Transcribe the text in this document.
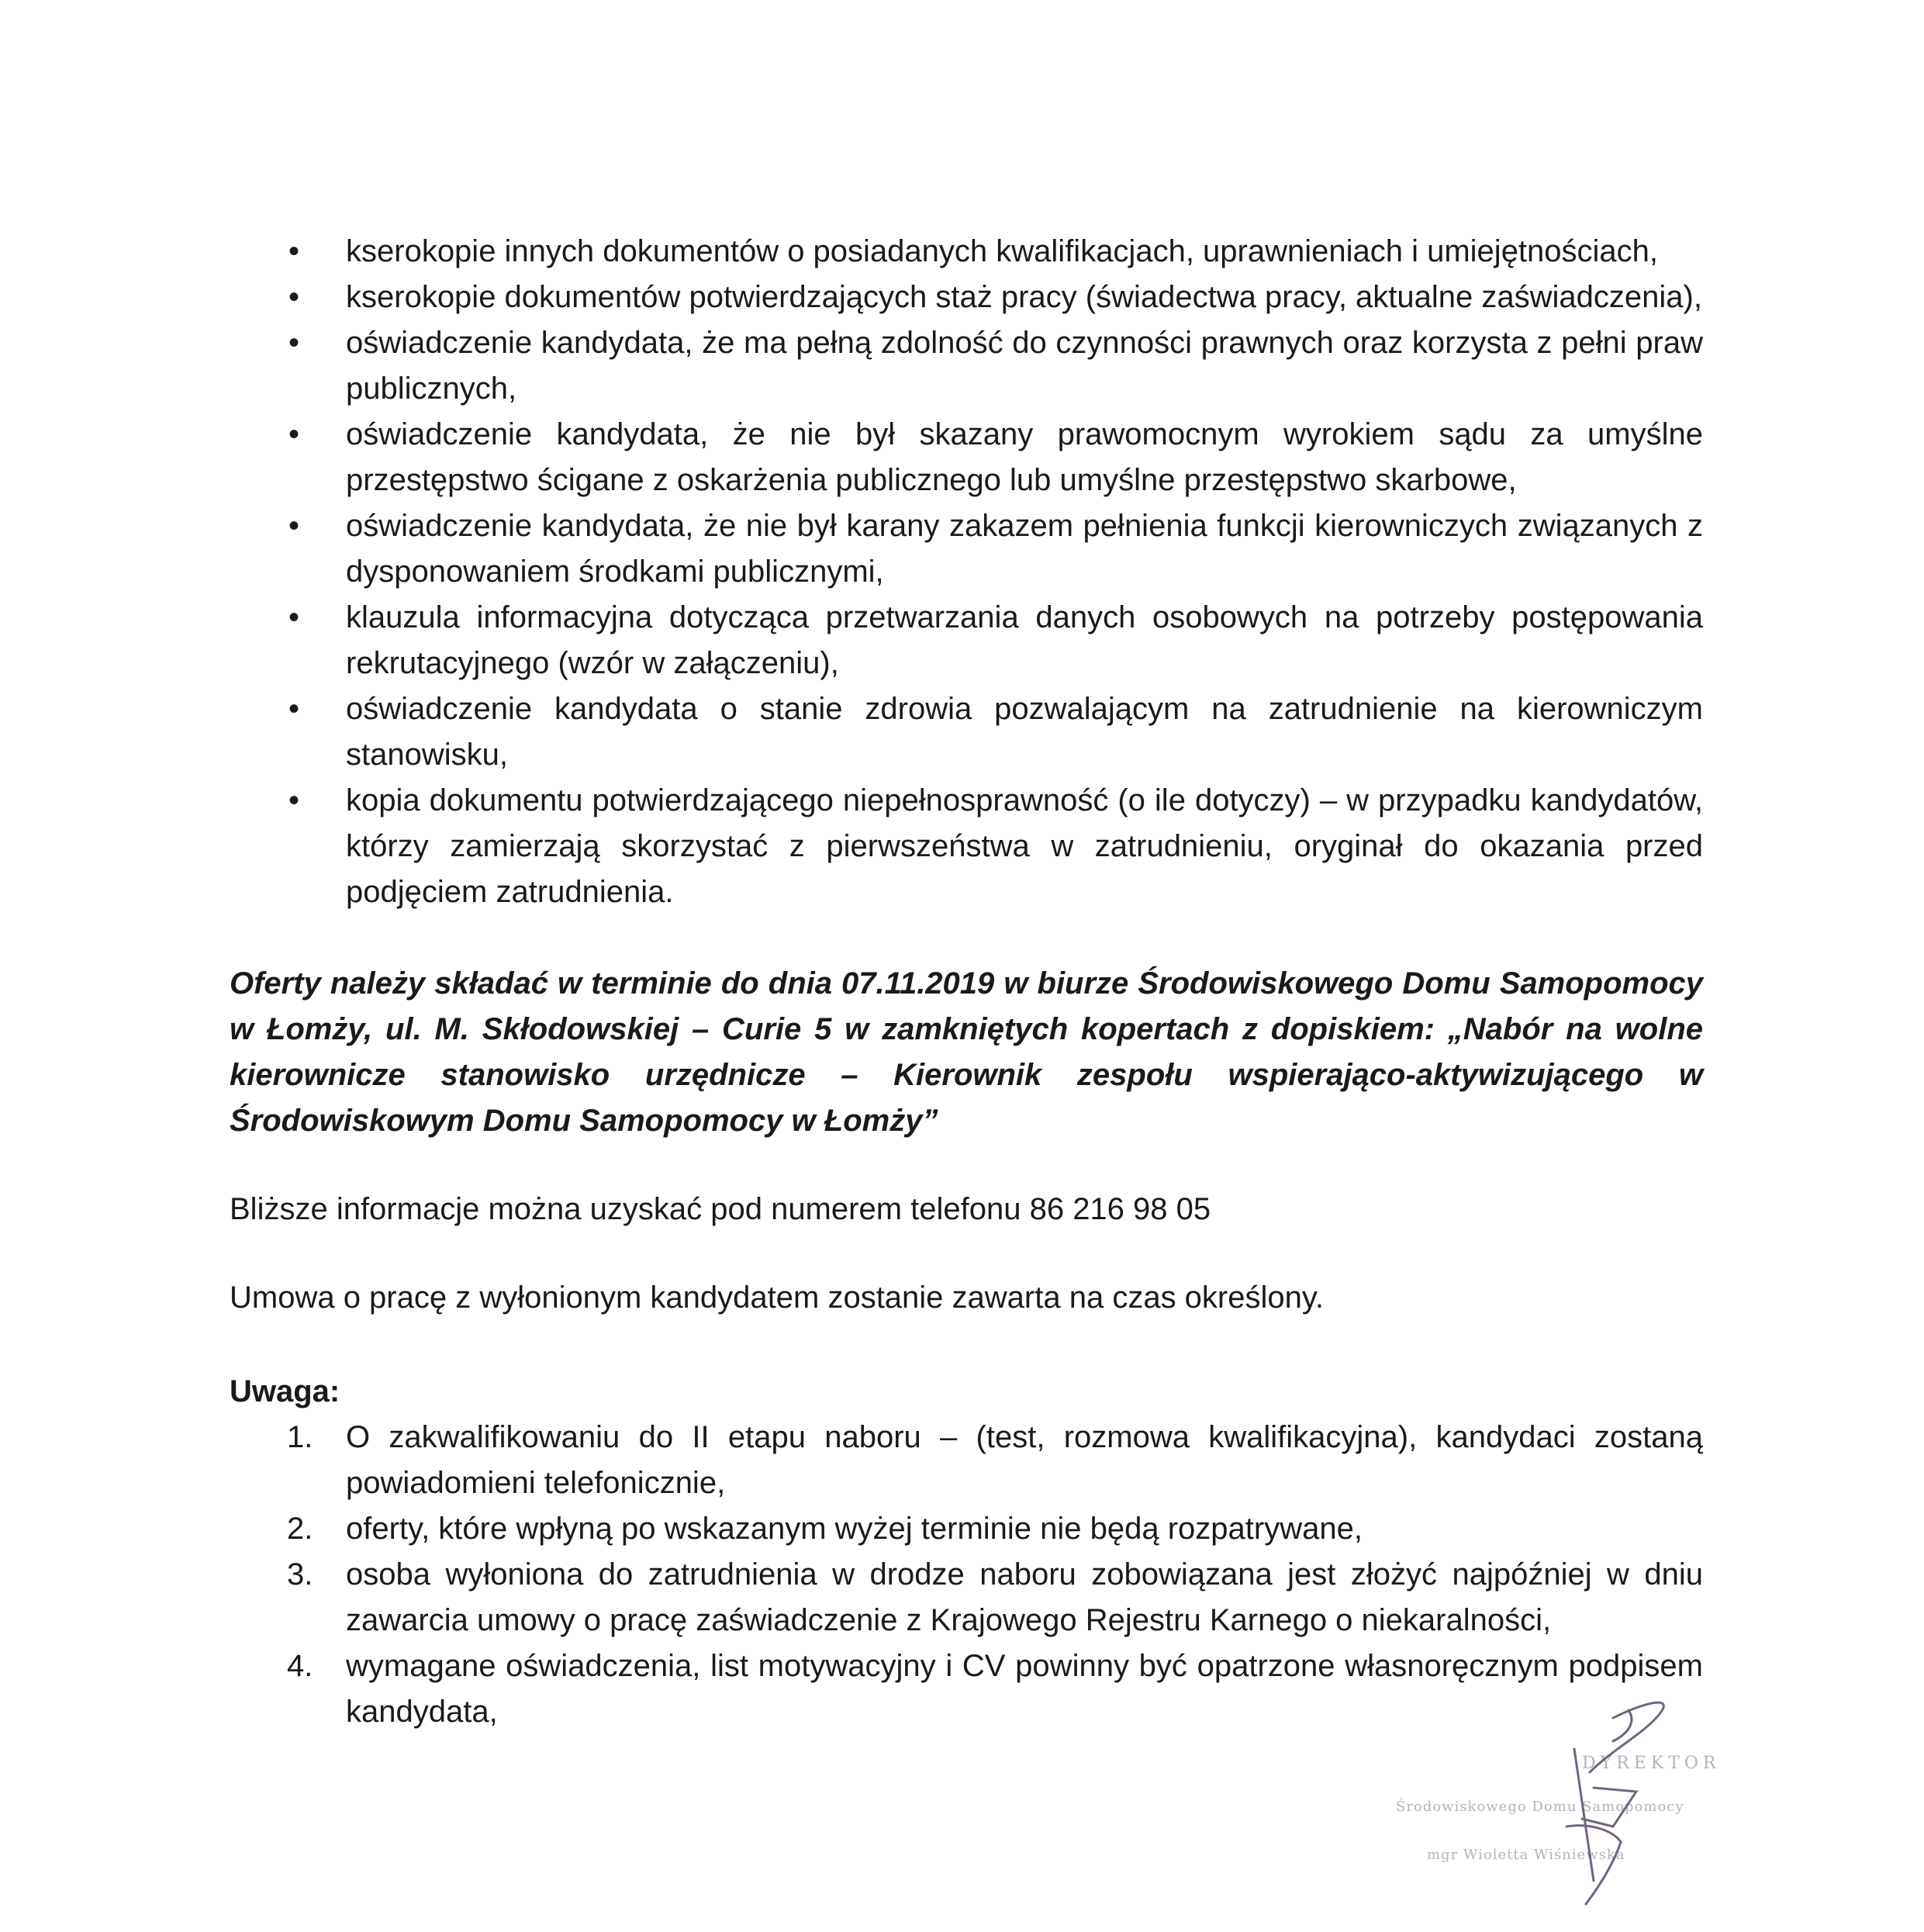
• kserokopie innych dokumentów o posiadanych kwalifikacjach, uprawnieniach i umiejętnościach,
• kserokopie dokumentów potwierdzających staż pracy (świadectwa pracy, aktualne zaświadczenia),
• oświadczenie kandydata, że ma pełną zdolność do czynności prawnych oraz korzysta z pełni praw publicznych,
• oświadczenie kandydata, że nie był skazany prawomocnym wyrokiem sądu za umyślne przestępstwo ścigane z oskarżenia publicznego lub umyślne przestępstwo skarbowe,
• oświadczenie kandydata, że nie był karany zakazem pełnienia funkcji kierowniczych związanych z dysponowaniem środkami publicznymi,
• klauzula informacyjna dotycząca przetwarzania danych osobowych na potrzeby postępowania rekrutacyjnego (wzór w załączeniu),
• oświadczenie kandydata o stanie zdrowia pozwalającym na zatrudnienie na kierowniczym stanowisku,
• kopia dokumentu potwierdzającego niepełnosprawność (o ile dotyczy) – w przypadku kandydatów, którzy zamierzają skorzystać z pierwszeństwa w zatrudnieniu, oryginał do okazania przed podjęciem zatrudnienia.
Oferty należy składać w terminie do dnia 07.11.2019 w biurze Środowiskowego Domu Samopomocy w Łomży, ul. M. Skłodowskiej – Curie 5 w zamkniętych kopertach z dopiskiem: „Nabór na wolne kierownicze stanowisko urzędnicze – Kierownik zespołu wspierająco-aktywizującego w Środowiskowym Domu Samopomocy w Łomży”
Bliższe informacje można uzyskać pod numerem telefonu 86 216 98 05
Umowa o pracę z wyłonionym kandydatem zostanie zawarta na czas określony.
Uwaga:
1. O zakwalifikowaniu do II etapu naboru – (test, rozmowa kwalifikacyjna), kandydaci zostaną powiadomieni telefonicznie,
2. oferty, które wpłyną po wskazanym wyżej terminie nie będą rozpatrywane,
3. osoba wyłoniona do zatrudnienia w drodze naboru zobowiązana jest złożyć najpóźniej w dniu zawarcia umowy o pracę zaświadczenie z Krajowego Rejestru Karnego o niekaralności,
4. wymagane oświadczenia, list motywacyjny i CV powinny być opatrzone własnoręcznym podpisem kandydata,
DYREKTOR
Środowiskowego Domu Samopomocy
mgr Wioletta Wiśniewska
